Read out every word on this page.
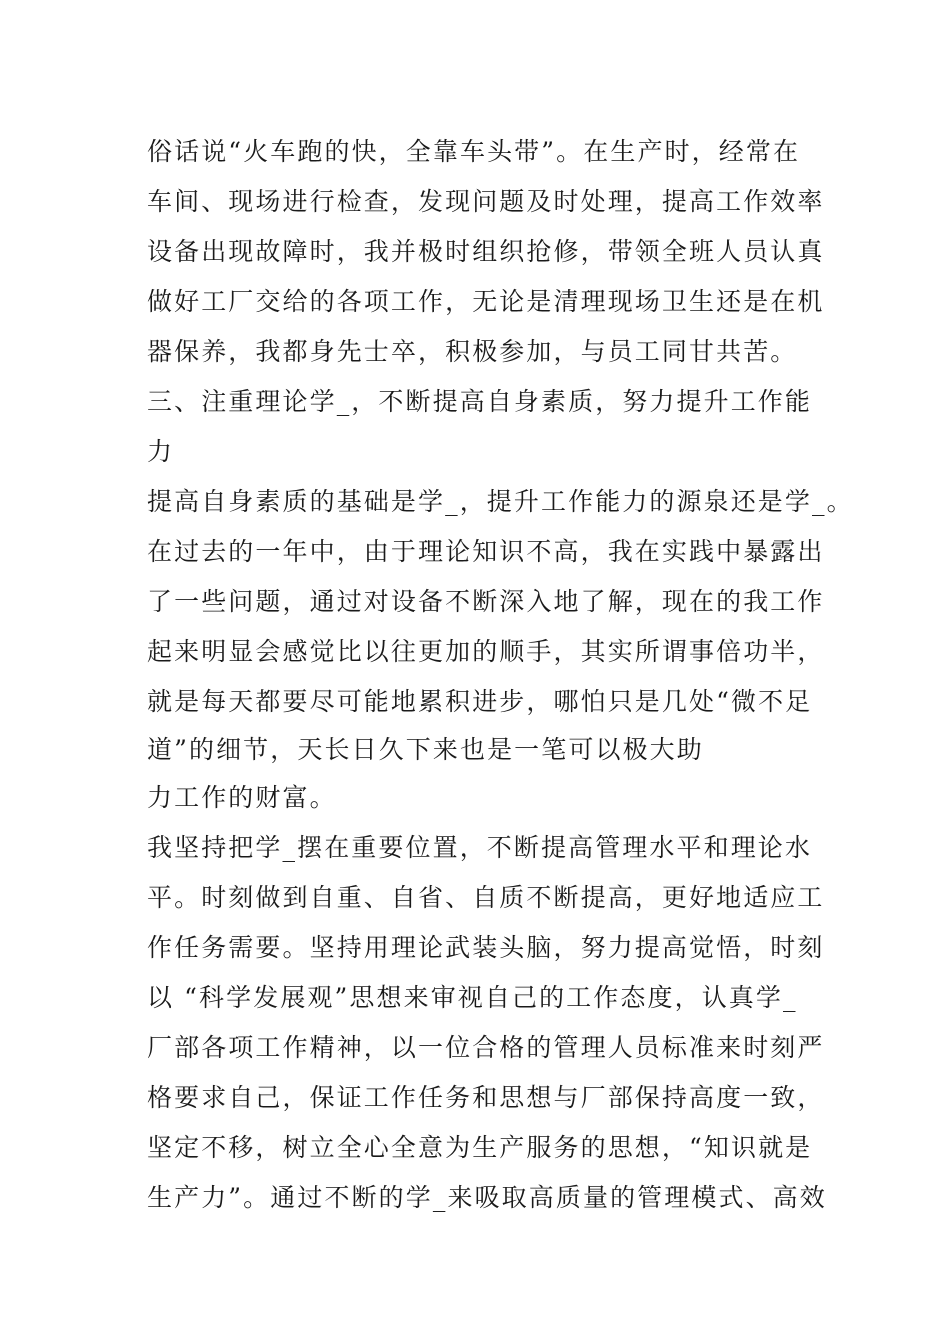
俗话说“火车跑的快，全靠车头带”。在生产时，经常在
车间、现场进行检查，发现问题及时处理，提高工作效率
设备出现故障时，我并极时组织抢修，带领全班人员认真
做好工厂交给的各项工作，无论是清理现场卫生还是在机
器保养，我都身先士卒，积极参加，与员工同甘共苦。
三、注重理论学_，不断提高自身素质，努力提升工作能
力
提高自身素质的基础是学_，提升工作能力的源泉还是学_。
在过去的一年中，由于理论知识不高，我在实践中暴露出
了一些问题，通过对设备不断深入地了解，现在的我工作
起来明显会感觉比以往更加的顺手，其实所谓事倍功半，
就是每天都要尽可能地累积进步，哪怕只是几处“微不足
道”的细节，天长日久下来也是一笔可以极大助
力工作的财富。
我坚持把学_摆在重要位置，不断提高管理水平和理论水
平。时刻做到自重、自省、自质不断提高，更好地适应工
作任务需要。坚持用理论武装头脑，努力提高觉悟，时刻
以 “科学发展观”思想来审视自己的工作态度，认真学_
厂部各项工作精神，以一位合格的管理人员标准来时刻严
格要求自己，保证工作任务和思想与厂部保持高度一致，
坚定不移，树立全心全意为生产服务的思想，“知识就是
生产力”。通过不断的学_来吸取高质量的管理模式、高效
